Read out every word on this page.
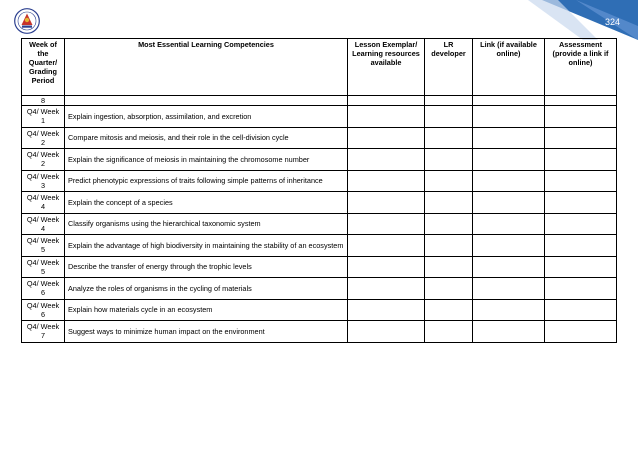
324
Week of the Quarter/ Grading Period	Most Essential Learning Competencies	Lesson Exemplar/ Learning resources available	LR developer	Link (if available online)	Assessment (provide a link if online)
8					
Q4/ Week 1	Explain ingestion, absorption, assimilation, and excretion				
Q4/ Week 2	Compare mitosis and meiosis, and their role in the cell-division cycle				
Q4/ Week 2	Explain the significance of meiosis in maintaining the chromosome number				
Q4/ Week 3	Predict phenotypic expressions of traits following simple patterns of inheritance				
Q4/ Week 4	Explain the concept of a species				
Q4/ Week 4	Classify organisms using the hierarchical taxonomic system				
Q4/ Week 5	Explain the advantage of high biodiversity in maintaining the stability of an ecosystem				
Q4/ Week 5	Describe the transfer of energy through the trophic levels				
Q4/ Week 6	Analyze the roles of organisms in the cycling of materials				
Q4/ Week 6	Explain how materials cycle in an ecosystem				
Q4/ Week 7	Suggest ways to minimize human impact on the environment				
